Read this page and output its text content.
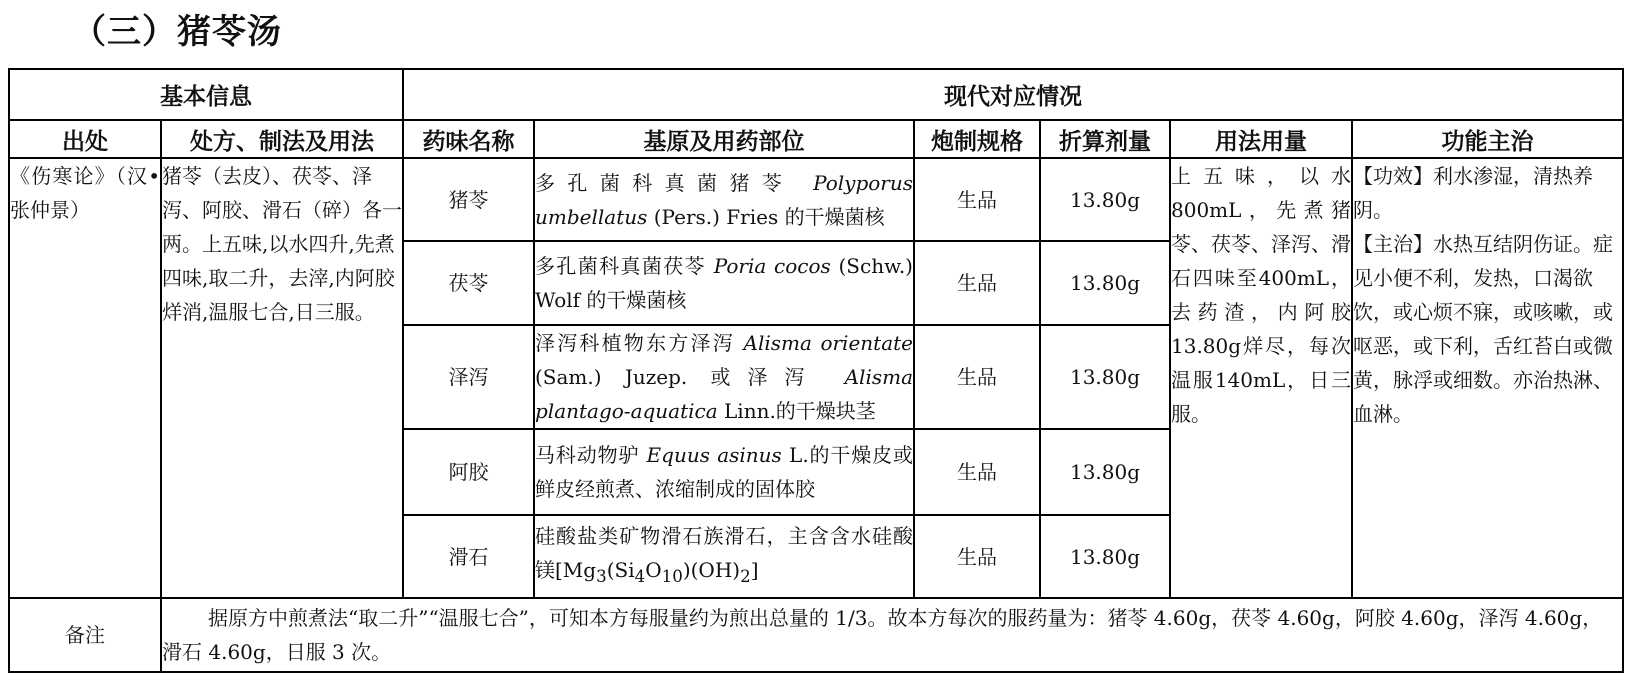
（三）猪苓汤
基本信息		现代对应情况					
出处	处方、制法及用法	药味名称	基原及用药部位	炮制规格	折算剂量	用法用量	功能主治
《伤寒论》（汉•张仲景）	猪苓（去皮）、茯苓、泽泻、阿胶、滑石（碎）各一两。上五味,以水四升,先煮四味,取二升，去滓,内阿胶烊消,温服七合,日三服。	猪苓	多孔菌科真菌猪苓 Polyporus umbellatus (Pers.) Fries 的干燥菌核	生品	13.80g	上五味，以水800mL，先煮猪苓、茯苓、泽泻、滑石四味至400mL，去药渣，内阿胶13.80g烊尽，每次温服140mL，日三服。	【功效】利水渗湿，清热养阴。
【主治】水热互结阴伤证。症见小便不利，发热，口渴欲饮，或心烦不寐，或咳嗽，或呕恶，或下利，舌红苔白或微黄，脉浮或细数。亦治热淋、血淋。

		茯苓	多孔菌科真菌茯苓 Poria cocos (Schw.) Wolf 的干燥菌核	生品	13.80g		
		泽泻	泽泻科植物东方泽泻 Alisma orientate (Sam.) Juzep. 或泽泻 Alisma plantago-aquatica Linn.的干燥块茎	生品	13.80g		
		阿胶	马科动物驴 Equus asinus L.的干燥皮或鲜皮经煎煮、浓缩制成的固体胶	生品	13.80g		
		滑石	硅酸盐类矿物滑石族滑石，主含含水硅酸镁$[Mg_3(Si_4O_{10})(OH)_2]$	生品	13.80g		
备注	据原方中煎煮法“取二升”“温服七合”，可知本方每服量约为煎出总量的 1/3。故本方每次的服药量为：猪苓 4.60g，茯苓 4.60g，阿胶 4.60g，泽泻 4.60g，滑石 4.60g，日服 3 次。						
